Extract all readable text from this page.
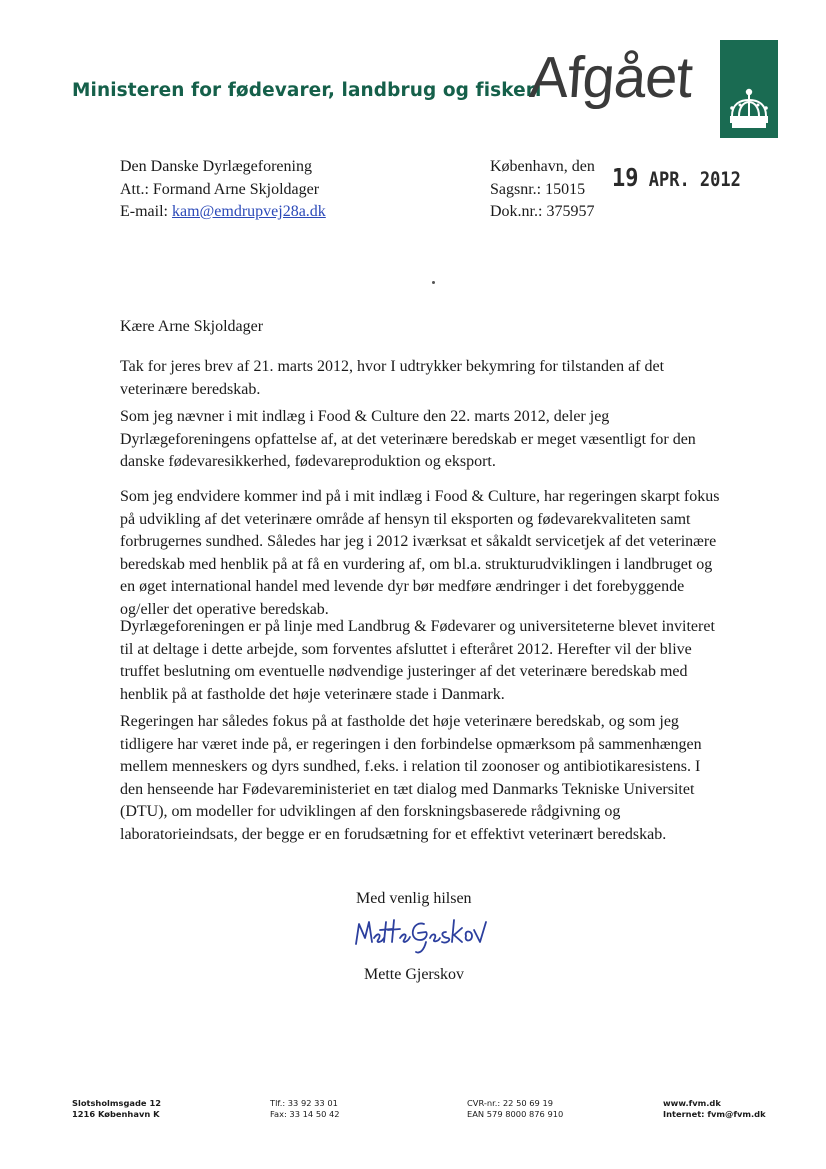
Ministeren for fødevarer, landbrug og fiskeri
Afgået
Den Danske Dyrlægeforening
Att.: Formand Arne Skjoldager
E-mail: kam@emdrupvej28a.dk
København, den
Sagsnr.: 15015
Dok.nr.: 375957
19 APR. 2012
Kære Arne Skjoldager

Tak for jeres brev af 21. marts 2012, hvor I udtrykker bekymring for tilstanden af det veterinære beredskab.

Som jeg nævner i mit indlæg i Food & Culture den 22. marts 2012, deler jeg Dyrlægeforeningens opfattelse af, at det veterinære beredskab er meget væsentligt for den danske fødevaresikkerhed, fødevareproduktion og eksport.

Som jeg endvidere kommer ind på i mit indlæg i Food & Culture, har regeringen skarpt fokus på udvikling af det veterinære område af hensyn til eksporten og fødevarekvaliteten samt forbrugernes sundhed. Således har jeg i 2012 iværksat et såkaldt servicetjek af det veterinære beredskab med henblik på at få en vurdering af, om bl.a. strukturudviklingen i landbruget og en øget international handel med levende dyr bør medføre ændringer i det forebyggende og/eller det operative beredskab.

Dyrlægeforeningen er på linje med Landbrug & Fødevarer og universiteterne blevet inviteret til at deltage i dette arbejde, som forventes afsluttet i efteråret 2012. Herefter vil der blive truffet beslutning om eventuelle nødvendige justeringer af det veterinære beredskab med henblik på at fastholde det høje veterinære stade i Danmark.

Regeringen har således fokus på at fastholde det høje veterinære beredskab, og som jeg tidligere har været inde på, er regeringen i den forbindelse opmærksom på sammenhængen mellem menneskers og dyrs sundhed, f.eks. i relation til zoonoser og antibiotikaresistens. I den henseende har Fødevareministeriet en tæt dialog med Danmarks Tekniske Universitet (DTU), om modeller for udviklingen af den forskningsbaserede rådgivning og laboratorieindsats, der begge er en forudsætning for et effektivt veterinært beredskab.

Med venlig hilsen
Mette Gjerskov
Slotsholmsgade 12
1216 København K
Tlf.: 33 92 33 01
Fax: 33 14 50 42
CVR-nr.: 22 50 69 19
EAN 579 8000 876 910
www.fvm.dk
Internet: fvm@fvm.dk
